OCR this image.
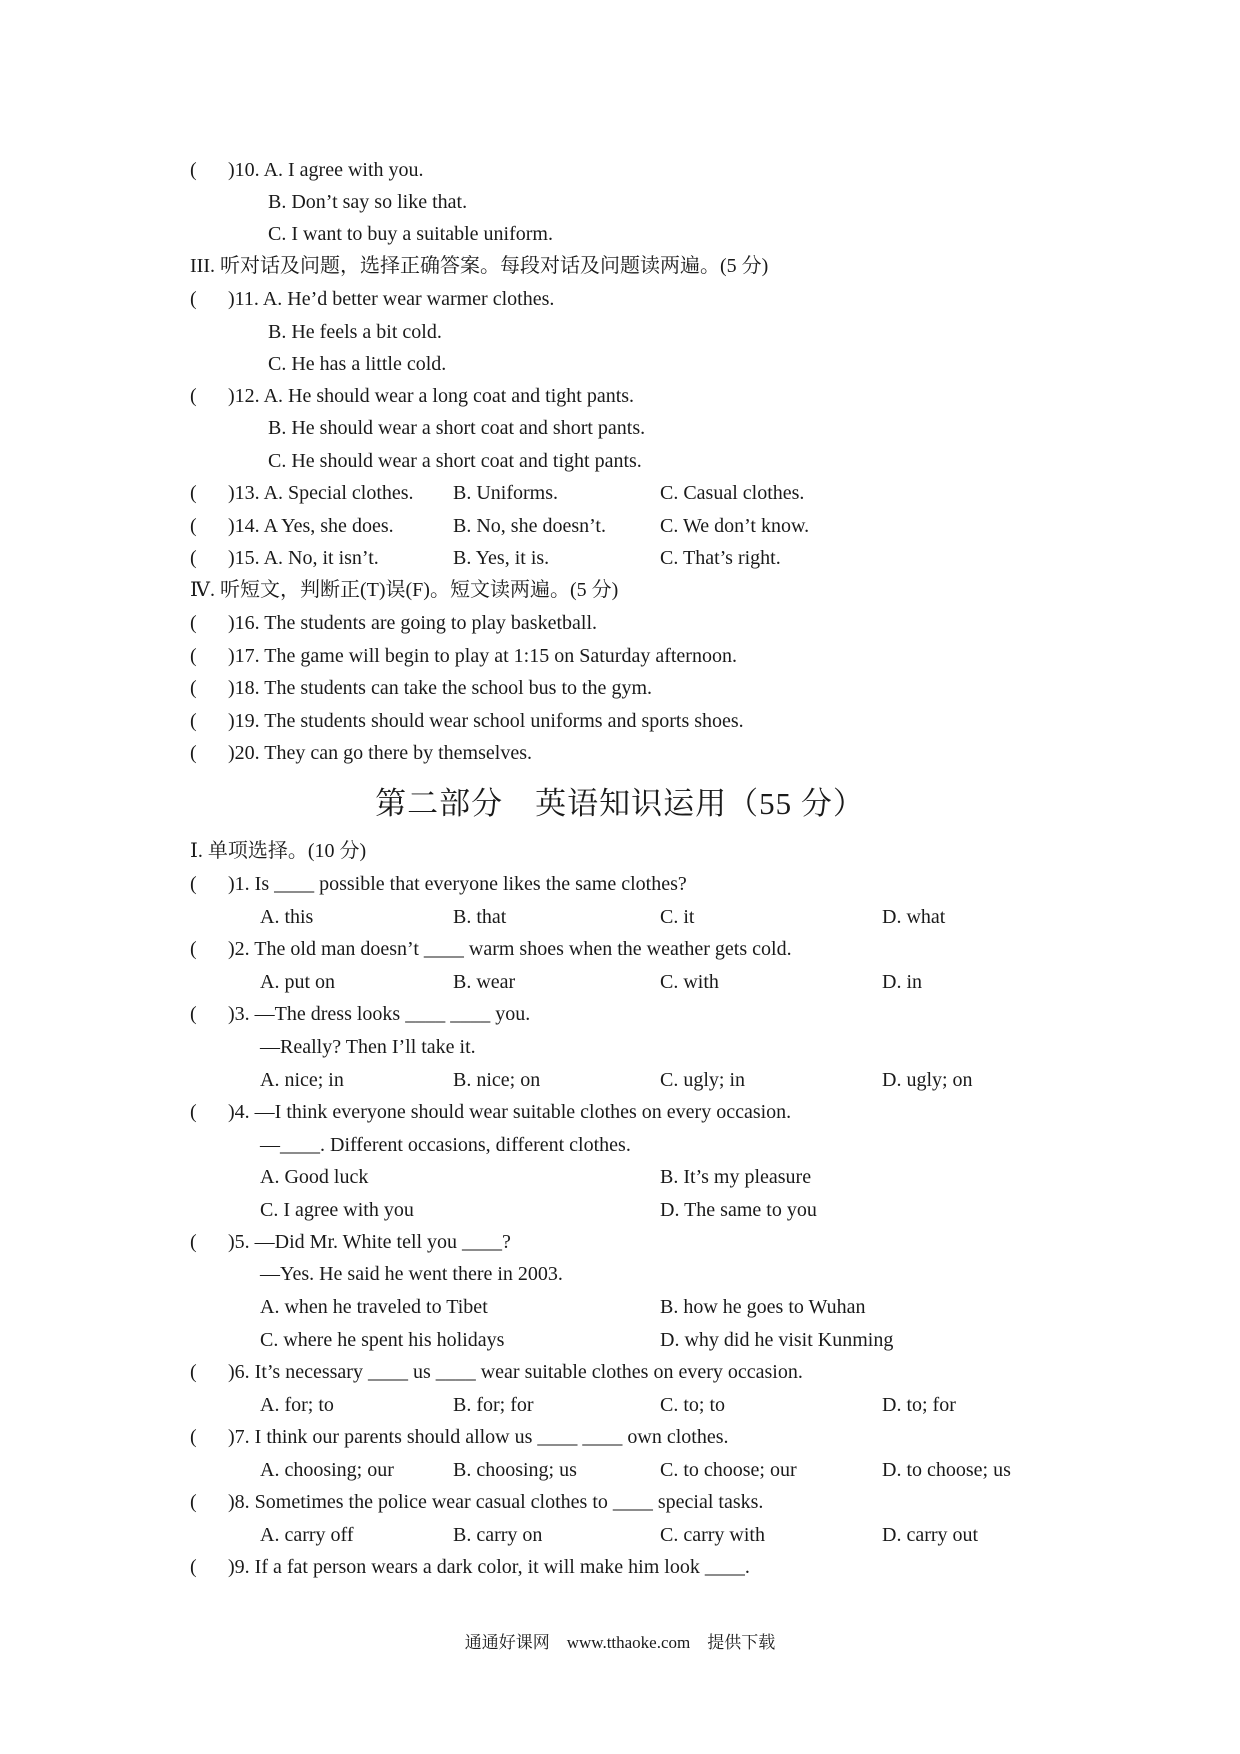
( )10. A. I agree with you.
B. Don’t say so like that.
C. I want to buy a suitable uniform.
III. 听对话及问题，选择正确答案。每段对话及问题读两遍。(5 分)
( )11. A. He’d better wear warmer clothes.
B. He feels a bit cold.
C. He has a little cold.
( )12. A. He should wear a long coat and tight pants.
B. He should wear a short coat and short pants.
C. He should wear a short coat and tight pants.
( )13. A. Special clothes. B. Uniforms.	C. Casual clothes.
( )14. A Yes, she does.	B. No, she doesn’t.	C. We don’t know.
( )15. A. No, it isn’t.	B. Yes, it is.	C. That’s right.
Ⅳ. 听短文，判断正(T)误(F)。短文读两遍。(5 分)
( )16. The students are going to play basketball.
( )17. The game will begin to play at 1:15 on Saturday afternoon.
( )18. The students can take the school bus to the gym.
( )19. The students should wear school uniforms and sports shoes.
( )20. They can go there by themselves.
第二部分　英语知识运用（55 分）
Ⅰ. 单项选择。(10 分)
( )1. Is ____ possible that everyone likes the same clothes?
A. this	B. that	C. it	D. what
( )2. The old man doesn’t ____ warm shoes when the weather gets cold.
A. put on	B. wear	C. with	D. in
( )3. —The dress looks ____ ____ you.
—Really? Then I’ll take it.
A. nice; in	B. nice; on	C. ugly; in	D. ugly; on
( )4. —I think everyone should wear suitable clothes on every occasion.
—____. Different occasions, different clothes.
A. Good luck	B. It’s my pleasure
C. I agree with you	D. The same to you
( )5. —Did Mr. White tell you ____?
—Yes. He said he went there in 2003.
A. when he traveled to Tibet	B. how he goes to Wuhan
C. where he spent his holidays	D. why did he visit Kunming
( )6. It’s necessary ____ us ____ wear suitable clothes on every occasion.
A. for; to	B. for; for	C. to; to	D. to; for
( )7. I think our parents should allow us ____ ____ own clothes.
A. choosing; our	B. choosing; us	C. to choose; our	D. to choose; us
( )8. Sometimes the police wear casual clothes to ____ special tasks.
A. carry off	B. carry on	C. carry with	D. carry out
( )9. If a fat person wears a dark color, it will make him look ____.
通通好课网　www.tthaoke.com　提供下载
